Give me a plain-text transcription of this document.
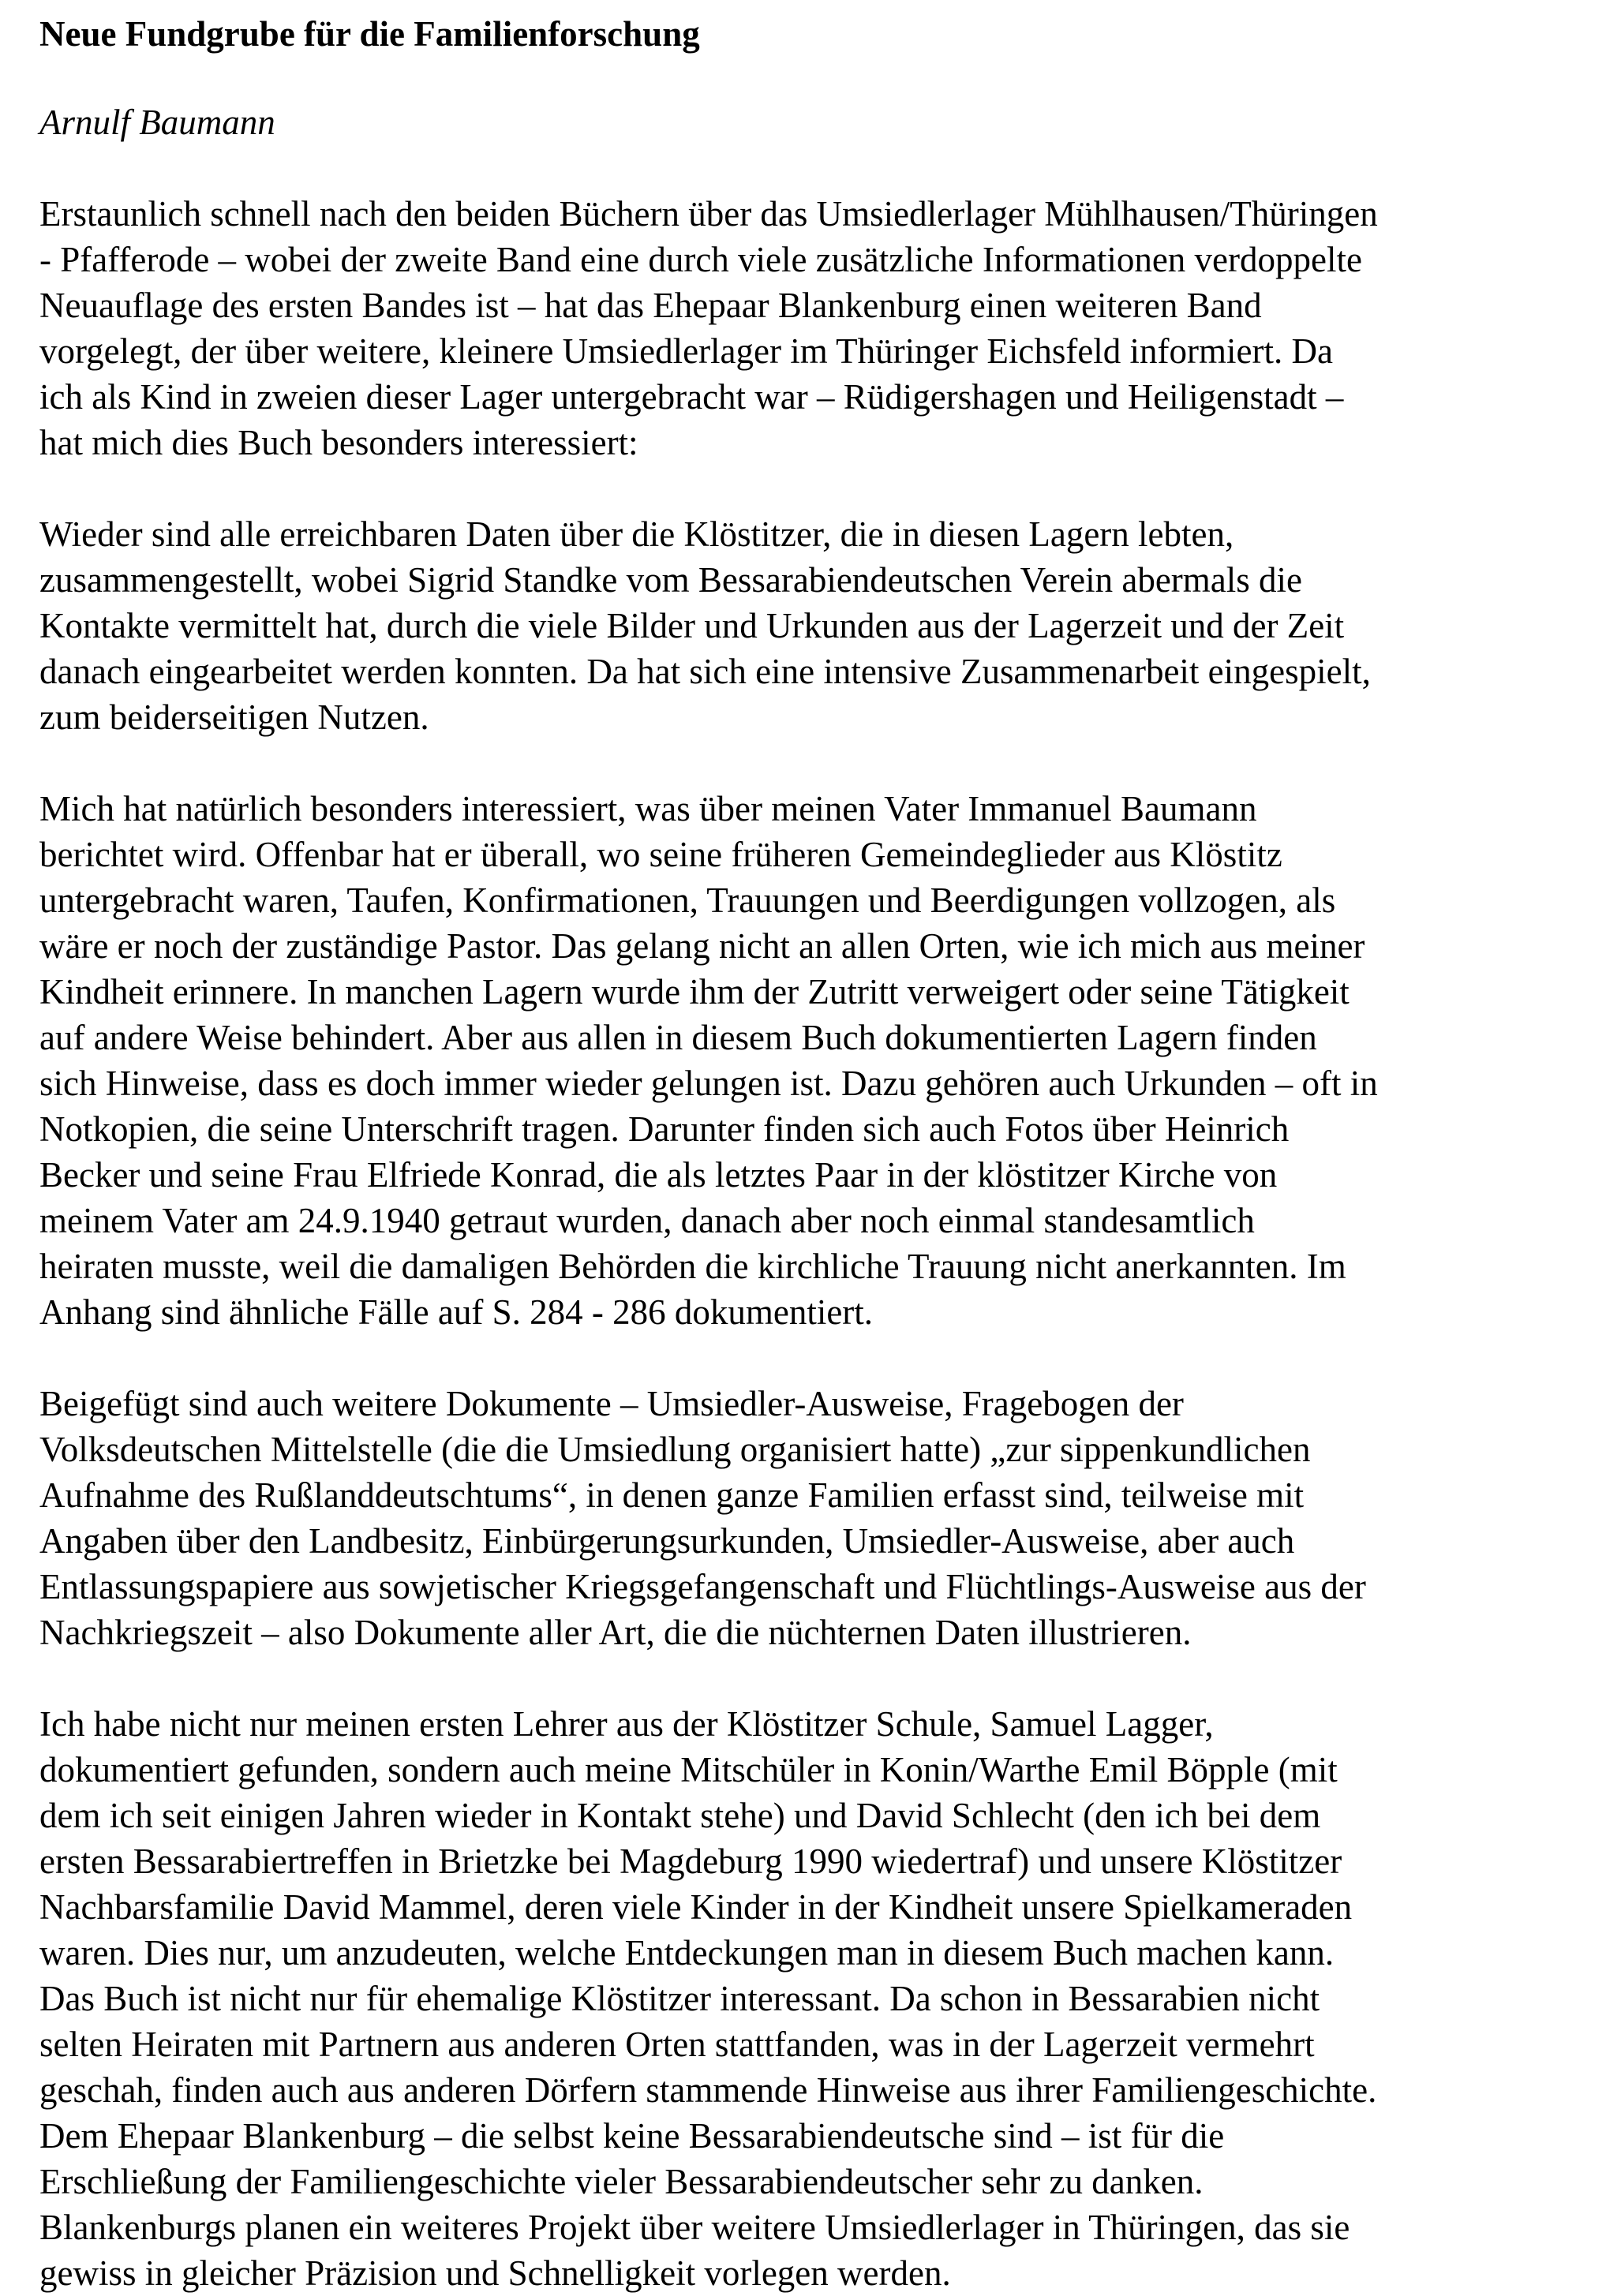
Neue Fundgrube für die Familienforschung

Arnulf Baumann

Erstaunlich schnell nach den beiden Büchern über das Umsiedlerlager Mühlhausen/Thüringen
- Pfafferode – wobei der zweite Band eine durch viele zusätzliche Informationen verdoppelte
Neuauflage des ersten Bandes ist – hat das Ehepaar Blankenburg einen weiteren Band
vorgelegt, der über weitere, kleinere Umsiedlerlager im Thüringer Eichsfeld informiert. Da
ich als Kind in zweien dieser Lager untergebracht war – Rüdigershagen und Heiligenstadt –
hat mich dies Buch besonders interessiert:

Wieder sind alle erreichbaren Daten über die Klöstitzer, die in diesen Lagern lebten,
zusammengestellt, wobei Sigrid Standke vom Bessarabiendeutschen Verein abermals die
Kontakte vermittelt hat, durch die viele Bilder und Urkunden aus der Lagerzeit und der Zeit
danach eingearbeitet werden konnten. Da hat sich eine intensive Zusammenarbeit eingespielt,
zum beiderseitigen Nutzen.

Mich hat natürlich besonders interessiert, was über meinen Vater Immanuel Baumann
berichtet wird. Offenbar hat er überall, wo seine früheren Gemeindeglieder aus Klöstitz
untergebracht waren, Taufen, Konfirmationen, Trauungen und Beerdigungen vollzogen, als
wäre er noch der zuständige Pastor. Das gelang nicht an allen Orten, wie ich mich aus meiner
Kindheit erinnere. In manchen Lagern wurde ihm der Zutritt verweigert oder seine Tätigkeit
auf andere Weise behindert. Aber aus allen in diesem Buch dokumentierten Lagern finden
sich Hinweise, dass es doch immer wieder gelungen ist. Dazu gehören auch Urkunden – oft in
Notkopien, die seine Unterschrift tragen. Darunter finden sich auch Fotos über Heinrich
Becker und seine Frau Elfriede Konrad, die als letztes Paar in der klöstitzer Kirche von
meinem Vater am 24.9.1940 getraut wurden, danach aber noch einmal standesamtlich
heiraten musste, weil die damaligen Behörden die kirchliche Trauung nicht anerkannten. Im
Anhang sind ähnliche Fälle auf S. 284 - 286 dokumentiert.

Beigefügt sind auch weitere Dokumente – Umsiedler-Ausweise, Fragebogen der
Volksdeutschen Mittelstelle (die die Umsiedlung organisiert hatte) „zur sippenkundlichen
Aufnahme des Rußlanddeutschtums“, in denen ganze Familien erfasst sind, teilweise mit
Angaben über den Landbesitz, Einbürgerungsurkunden, Umsiedler-Ausweise, aber auch
Entlassungspapiere aus sowjetischer Kriegsgefangenschaft und Flüchtlings-Ausweise aus der
Nachkriegszeit – also Dokumente aller Art, die die nüchternen Daten illustrieren.

Ich habe nicht nur meinen ersten Lehrer aus der Klöstitzer Schule, Samuel Lagger,
dokumentiert gefunden, sondern auch meine Mitschüler in Konin/Warthe Emil Böpple (mit
dem ich seit einigen Jahren wieder in Kontakt stehe) und David Schlecht (den ich bei dem
ersten Bessarabiertreffen in Brietzke bei Magdeburg 1990 wiedertraf) und unsere Klöstitzer
Nachbarsfamilie David Mammel, deren viele Kinder in der Kindheit unsere Spielkameraden
waren. Dies nur, um anzudeuten, welche Entdeckungen man in diesem Buch machen kann.
Das Buch ist nicht nur für ehemalige Klöstitzer interessant. Da schon in Bessarabien nicht
selten Heiraten mit Partnern aus anderen Orten stattfanden, was in der Lagerzeit vermehrt
geschah, finden auch aus anderen Dörfern stammende Hinweise aus ihrer Familiengeschichte.
Dem Ehepaar Blankenburg – die selbst keine Bessarabiendeutsche sind – ist für die
Erschließung der Familiengeschichte vieler Bessarabiendeutscher sehr zu danken.
Blankenburgs planen ein weiteres Projekt über weitere Umsiedlerlager in Thüringen, das sie
gewiss in gleicher Präzision und Schnelligkeit vorlegen werden.
